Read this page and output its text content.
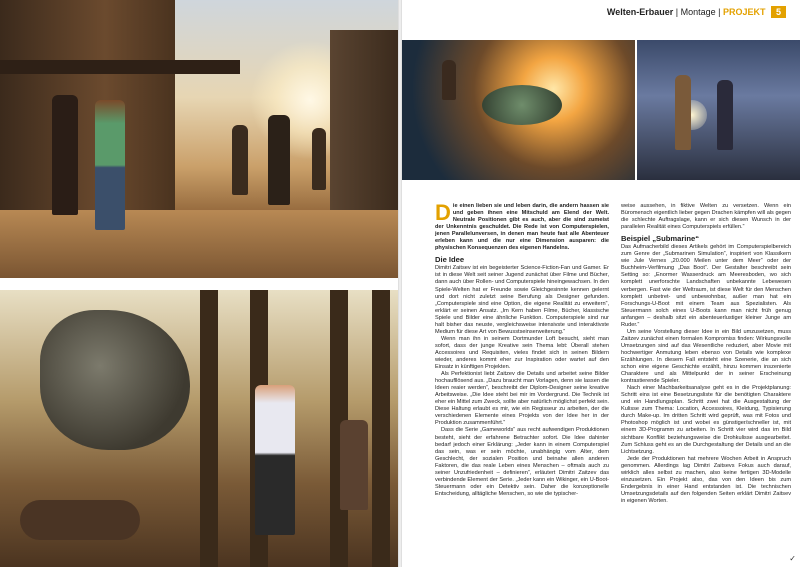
Welten-Erbauer | Montage | PROJEKT 5

Die einen lieben sie und leben darin, die andern hassen sie und geben ihnen eine Mitschuld am Elend der Welt. Neutrale Positionen gibt es auch, aber die sind zumeist der Unkenntnis geschuldet. Die Rede ist von Computerspielen, jenen Parallelunversen, in denen man heute fast alle Abenteuer erleben kann und die nur eine Dimension ausparen: die physischen Konsequenzen des eigenen Handelns.

Die Idee

Dimitri Zaitsev ist ein begeisterter Science-Fiction-Fan und Gamer. Er ist in diese Welt seit seiner Jugend zunächst über Filme und Bücher, dann auch über Rollen- und Computerspiele hineingewachsen. In den Spiele-Welten hat er Freunde sowie Gleichgesinnte kennen gelernt und dort nicht zuletzt seine Berufung als Designer gefunden. „Computerspiele sind eine Option, die eigene Realität zu erweitern“, erklärt er seinen Ansatz. „Im Kern haben Filme, Bücher, klassische Spiele und Bilder eine ähnliche Funktion. Computerspiele sind nur halt bisher das neuste, vergleichsweise intensivste und interaktivste Medium für diese Art von Bewusstseinserweiterung.“

Wenn man ihn in seinem Dortmunder Loft besucht, sieht man sofort, dass der junge Kreative sein Thema lebt: Überall stehen Accessoires und Requisiten, vieles findet sich in seinen Bildern wieder, anderes kommt eher zur Inspiration oder wartet auf den Einsatz in künftigen Projekten.

Als Perfektionist liebt Zaitzev die Details und arbeitet seine Bilder hochaufllösend aus. „Dazu braucht man Vorlagen, denn sie lassen die Ideen reaier werden“, beschreibt der Diplom-Designer seine kreative Arbeitsweise. „Die Idee steht bei mir im Vordergrund. Die Technik ist eher ein Mittel zum Zweck, sollte aber natürlich möglichst perfekt sein. Diese Haltung erlaubt es mir, wie ein Regisseur zu arbeiten, der die verschiedenen Elemente eines Projekts von der Idee her in der Produktion zusammenführt.“

Dass die Serie „Gameworlds“ aus recht aufwendigen Produktionen besteht, sieht der erfahrene Betrachter sofort. Die Idee dahinter bedarf jedoch einer Erklärung: „Jeder kann in einem Computerspiel das sein, was er sein möchte, unabhängig vom Alter, dem Geschlecht, der sozialen Position und beinahe allen anderen Faktoren, die das reale Leben eines Menschen – oftmals auch zu seiner Unzufriedenheit – definieren“, erläutert Dimitri Zaitzev das verbindende Element der Serie. „Jeder kann ein Wikinger, ein U-Boot-Steuermann oder ein Detektiv sein. Daher die konzeptionelle Entscheidung, alltägliche Menschen, so wie die typischer-

weise aussehen, in fiktive Welten zu versetzen. Wenn ein Büromensch eigentlich lieber gegen Drachen kämpfen will als gegen die schlechte Auftragslage, kann er sich diesen Wunsch in der parallelen Realität eines Computerspiels erfüllen.“

Beispiel „Submarine“

Das Aufmacherbild dieses Artikels gehört im Computerspielbereich zum Genre der „Submarinen Simulation“, inspiriert von Klassikern wie Jule Vernes „20.000 Meilen unter dem Meer“ oder der Buchheim-Verfilmung „Das Boot“. Der Gestalter beschreibt sein Setting so: „Enormer Wasserdruck am Meeresboden, wo sich komplett unerforschte Landschaften unbekannte Lebewesen verbergen. Fast wie der Weltraum, ist diese Welt für den Menschen komplett unbetret- und unbewohnbar, außer man hat ein Forschungs-U-Boot mit einem Team aus Spezialisten. Als Steuermann solch eines U-Boots kann man nicht früh genug anfangen – deshalb sitzt ein abenteuerlustiger kleiner Junge am Ruder.“

Um seine Vorstellung dieser Idee in ein Bild umzusetzen, muss Zaitzev zunächst einen formalen Kompromiss finden: Wirkungsvolle Umsetzungen sind auf das Wesentliche reduziert, aber Movie mit hochwertiger Anmutung leben ebenso von Details wie komplexe Erzählungen. In diesem Fall entsteht eine Szenerie, die an sich schon eine eigene Geschichte erzählt, hinzu kommen inszenierte Charaktere und als Mittelpunkt der in seiner Erscheinung kontrastierende Spieler.

Nach einer Machbarkeitsanalyse geht es in die Projektplanung: Schritt eins ist eine Besetzungsliste für die benötigten Charaktere und ein Handlungsplan. Schritt zwei hat die Ausgestaltung der Kulisse zum Thema: Location, Accessoires, Kleidung, Typisierung durch Make-up. Im dritten Schritt wird geprüft, was mit Fotos und Photoshop möglich ist und wobei es günstiger/schneller ist, mit einem 3D-Programm zu arbeiten. In Schritt vier wird das im Bild sichtbare Konflikt beziehungsweise die Drohkulisse ausgearbeitet. Zum Schluss geht es an die Durchgestaltung der Details und an die Lichtsetzung.

Jede der Produktionen hat mehrere Wochen Arbeit in Anspruch genommen. Allerdings lag Dimitri Zaitsevs Fokus auch darauf, wirklich alles selbst zu machen, also keine fertigen 3D-Modelle einzusetzen. Ein Projekt also, das von den Ideen bis zum Endergebnis in einer Hand entstanden ist. Die technischen Umsetzungsdetails auf den folgenden Seiten erklärt Dimitri Zaitsev in eigenen Worten.

✓
